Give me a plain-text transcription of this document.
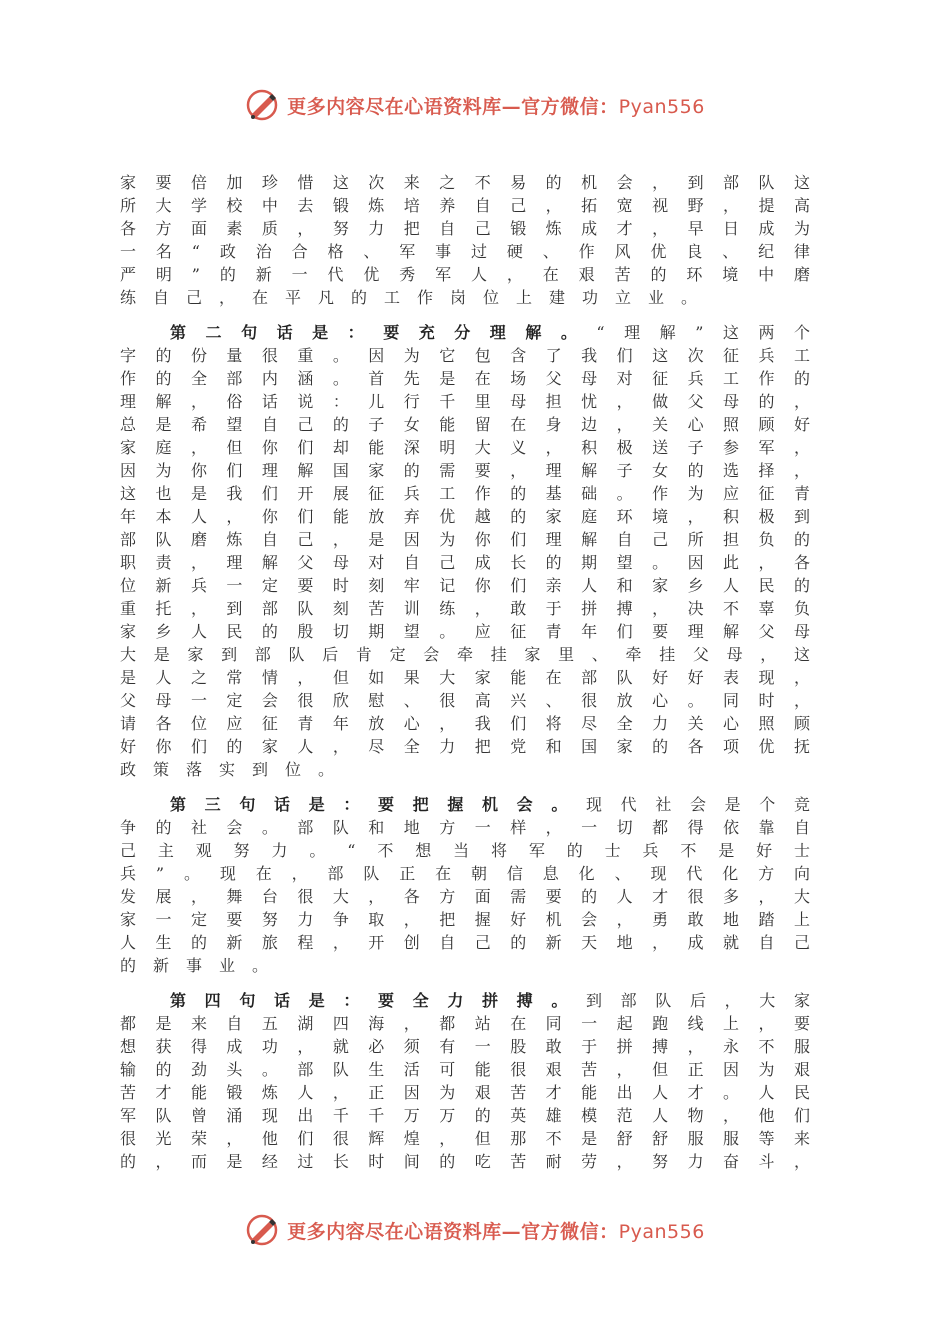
更多内容尽在心语资料库—官方微信：Pyan556
家要倍加珍惜这次来之不易的机会，到部队这
所大学校中去锻炼培养自己，拓宽视野，提高
各方面素质，努力把自己锻炼成才，早日成为
一名“政治合格、军事过硬、作风优良、纪律
严明”的新一代优秀军人，在艰苦的环境中磨
练自己，在平凡的工作岗位上建功立业。
第二句话是：要充分理解。“理解”这两个
字的份量很重。因为它包含了我们这次征兵工
作的全部内涵。首先是在场父母对征兵工作的
理解，俗话说：儿行千里母担忧，做父母的，
总是希望自己的子女能留在身边，关心照顾好
家庭，但你们却能深明大义，积极送子参军，
因为你们理解国家的需要，理解子女的选择，
这也是我们开展征兵工作的基础。作为应征青
年本人，你们能放弃优越的家庭环境，积极到
部队磨炼自己，是因为你们理解自己所担负的
职责，理解父母对自己成长的期望。因此，各
位新兵一定要时刻牢记你们亲人和家乡人民的
重托，到部队刻苦训练，敢于拼搏，决不辜负
家乡人民的殷切期望。应征青年们要理解父母
大是家到部队后肯定会牵挂家里、牵挂父母，这
是人之常情，但如果大家能在部队好好表现，
父母一定会很欣慰、很高兴、很放心。同时，
请各位应征青年放心，我们将尽全力关心照顾
好你们的家人，尽全力把党和国家的各项优抚
政策落实到位。
第三句话是：要把握机会。现代社会是个竞
争的社会。部队和地方一样，一切都得依靠自
己主观努力。“不想当将军的士兵不是好士
兵”。现在，部队正在朝信息化、现代化方向
发展，舞台很大，各方面需要的人才很多，大
家一定要努力争取，把握好机会，勇敢地踏上
人生的新旅程，开创自己的新天地，成就自己
的新事业。
第四句话是：要全力拼搏。到部队后，大家
都是来自五湖四海，都站在同一起跑线上，要
想获得成功，就必须有一股敢于拼搏，永不服
输的劲头。部队生活可能很艰苦，但正因为艰
苦才能锻炼人，正因为艰苦才能出人才。人民
军队曾涌现出千千万万的英雄模范人物，他们
很光荣，他们很辉煌，但那不是舒舒服服等来
的，而是经过长时间的吃苦耐劳，努力奋斗，
更多内容尽在心语资料库—官方微信：Pyan556
